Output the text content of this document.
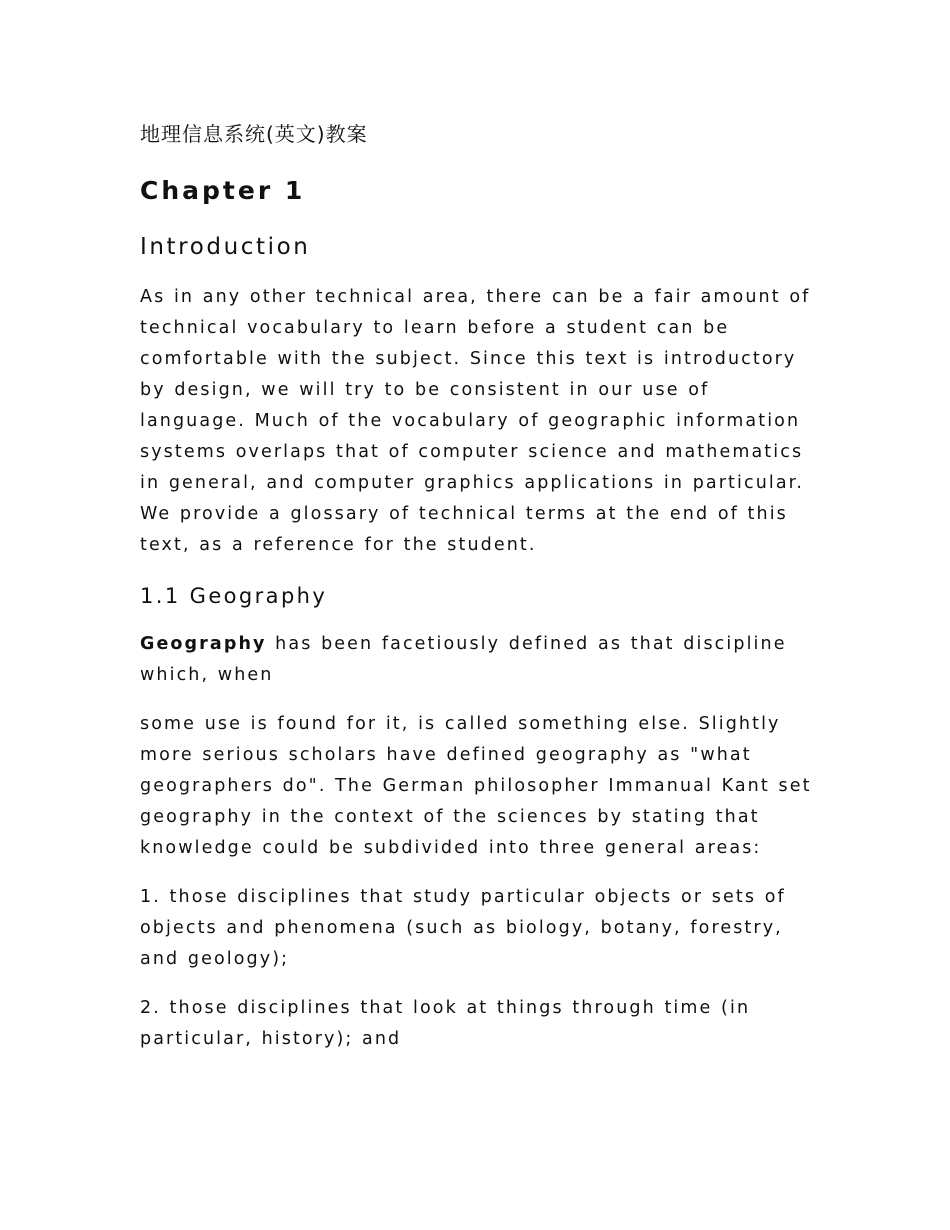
地理信息系统(英文)教案
Chapter 1
Introduction

As in any other technical area, there can be a fair amount of technical vocabulary to learn before a student can be comfortable with the subject. Since this text is introductory by design, we will try to be consistent in our use of language. Much of the vocabulary of geographic information systems overlaps that of computer science and mathematics in general, and computer graphics applications in particular. We provide a glossary of technical terms at the end of this text, as a reference for the student.

1.1 Geography

Geography has been facetiously defined as that discipline which, when

some use is found for it, is called something else. Slightly more serious scholars have defined geography as "what geographers do". The German philosopher Immanual Kant set geography in the context of the sciences by stating that knowledge could be subdivided into three general areas:

1. those disciplines that study particular objects or sets of objects and phenomena (such as biology, botany, forestry, and geology);

2. those disciplines that look at things through time (in particular, history); and
